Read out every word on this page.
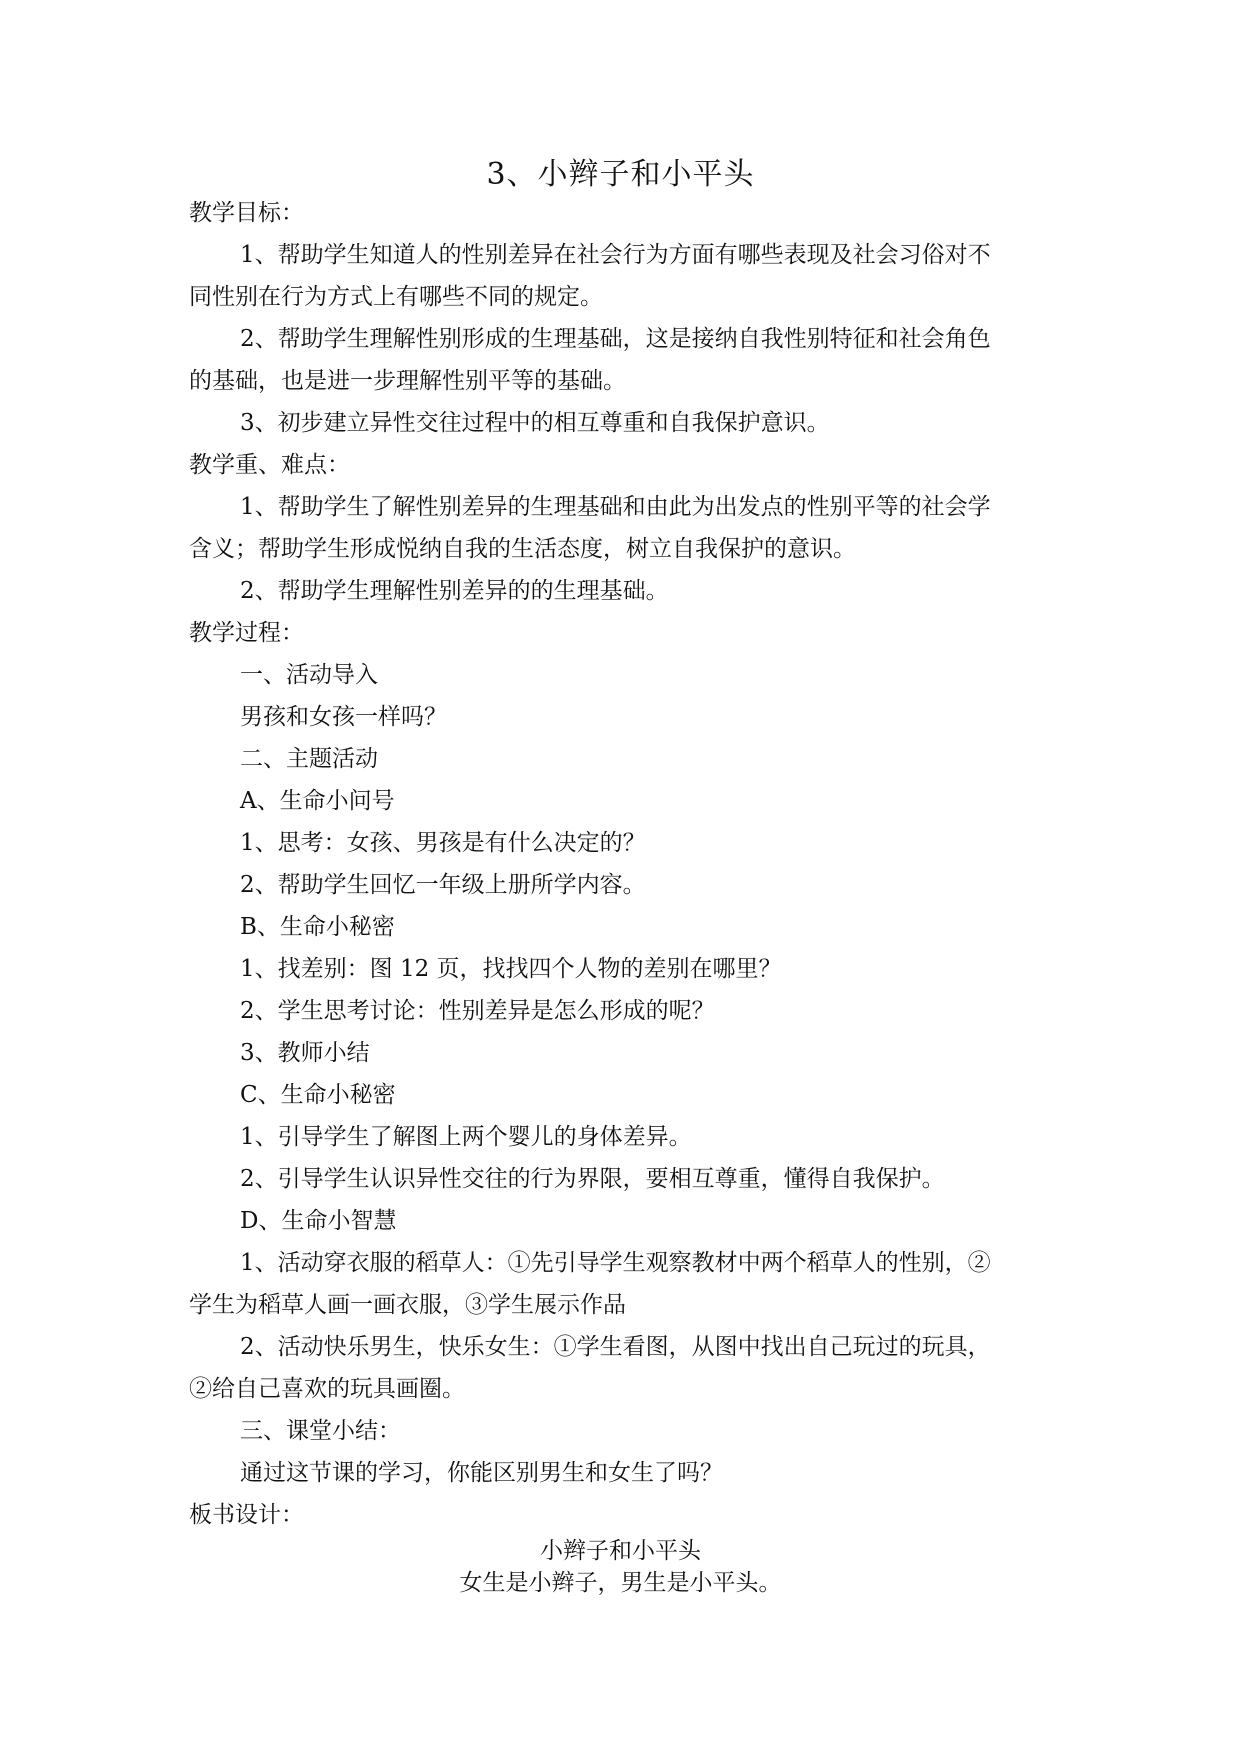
3、小辫子和小平头
教学目标：
1、帮助学生知道人的性别差异在社会行为方面有哪些表现及社会习俗对不
同性别在行为方式上有哪些不同的规定。
2、帮助学生理解性别形成的生理基础，这是接纳自我性别特征和社会角色
的基础，也是进一步理解性别平等的基础。
3、初步建立异性交往过程中的相互尊重和自我保护意识。
教学重、难点：
1、帮助学生了解性别差异的生理基础和由此为出发点的性别平等的社会学
含义；帮助学生形成悦纳自我的生活态度，树立自我保护的意识。
2、帮助学生理解性别差异的的生理基础。
教学过程：
一、活动导入
男孩和女孩一样吗？
二、主题活动
A、生命小问号
1、思考：女孩、男孩是有什么决定的？
2、帮助学生回忆一年级上册所学内容。
B、生命小秘密
1、找差别：图 12 页，找找四个人物的差别在哪里？
2、学生思考讨论：性别差异是怎么形成的呢？
3、教师小结
C、生命小秘密
1、引导学生了解图上两个婴儿的身体差异。
2、引导学生认识异性交往的行为界限，要相互尊重，懂得自我保护。
D、生命小智慧
1、活动穿衣服的稻草人：①先引导学生观察教材中两个稻草人的性别，②
学生为稻草人画一画衣服，③学生展示作品
2、活动快乐男生，快乐女生：①学生看图，从图中找出自己玩过的玩具，
②给自己喜欢的玩具画圈。
三、课堂小结：
通过这节课的学习，你能区别男生和女生了吗？
板书设计：
小辫子和小平头
女生是小辫子，男生是小平头。
